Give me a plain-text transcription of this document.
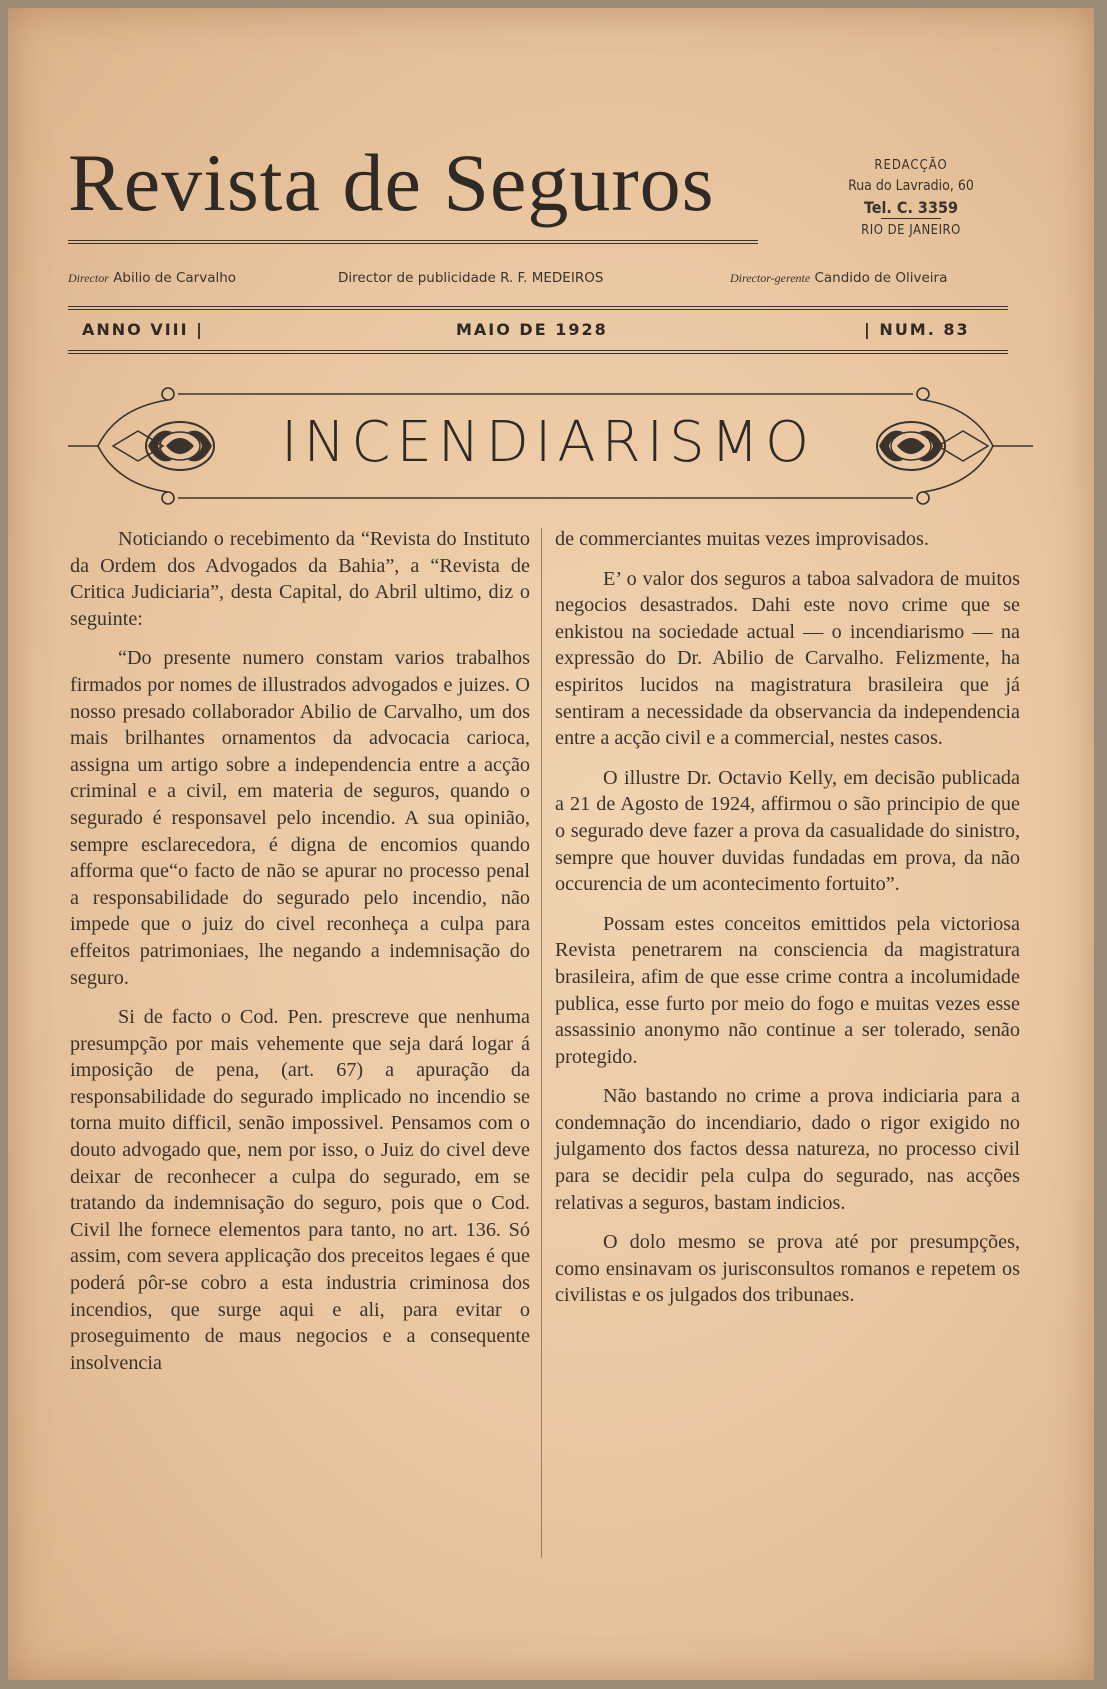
Revista de Seguros	REDACÇÃO
Rua do Lavradio, 60
Tel. C. 3359
RIO DE JANEIRO
Director Abilio de Carvalho	Director de publicidade R. F. MEDEIROS	Director-gerente Candido de Oliveira
ANNO VIII |	MAIO DE 1928	| NUM. 83
INCENDIARISMO

Noticiando o recebimento da “Revista do Instituto da Ordem dos Advogados da Bahia”, a “Revista de Critica Judiciaria”, desta Capital, do Abril ultimo, diz o seguinte:

“Do presente numero constam varios trabalhos firmados por nomes de illustrados advogados e juizes. O nosso presado collaborador Abilio de Carvalho, um dos mais brilhantes ornamentos da advocacia carioca, assigna um artigo sobre a independencia entre a acção criminal e a civil, em materia de seguros, quando o segurado é responsavel pelo incendio. A sua opinião, sempre esclarecedora, é digna de encomios quando afforma que“o facto de não se apurar no processo penal a responsabilidade do segurado pelo incendio, não impede que o juiz do civel reconheça a culpa para effeitos patrimoniaes, lhe negando a indemnisação do seguro.

Si de facto o Cod. Pen. prescreve que nenhuma presumpção por mais vehemente que seja dará logar á imposição de pena, (art. 67) a apuração da responsabilidade do segurado implicado no incendio se torna muito difficil, senão impossivel. Pensamos com o douto advogado que, nem por isso, o Juiz do civel deve deixar de reconhecer a culpa do segurado, em se tratando da indemnisação do seguro, pois que o Cod. Civil lhe fornece elementos para tanto, no art. 136. Só assim, com severa applicação dos preceitos legaes é que poderá pôr-se cobro a esta industria criminosa dos incendios, que surge aqui e ali, para evitar o proseguimento de maus negocios e a consequente insolvencia

de commerciantes muitas vezes improvisados.

E’ o valor dos seguros a taboa salvadora de muitos negocios desastrados. Dahi este novo crime que se enkistou na sociedade actual — o incendiarismo — na expressão do Dr. Abilio de Carvalho. Felizmente, ha espiritos lucidos na magistratura brasileira que já sentiram a necessidade da observancia da independencia entre a acção civil e a commercial, nestes casos.

O illustre Dr. Octavio Kelly, em decisão publicada a 21 de Agosto de 1924, affirmou o são principio de que o segurado deve fazer a prova da casualidade do sinistro, sempre que houver duvidas fundadas em prova, da não occurencia de um acontecimento fortuito”.

Possam estes conceitos emittidos pela victoriosa Revista penetrarem na consciencia da magistratura brasileira, afim de que esse crime contra a incolumidade publica, esse furto por meio do fogo e muitas vezes esse assassinio anonymo não continue a ser tolerado, senão protegido.

Não bastando no crime a prova indiciaria para a condemnação do incendiario, dado o rigor exigido no julgamento dos factos dessa natureza, no processo civil para se decidir pela culpa do segurado, nas acções relativas a seguros, bastam indicios.

O dolo mesmo se prova até por presumpções, como ensinavam os jurisconsultos romanos e repetem os civilistas e os julgados dos tribunaes.
